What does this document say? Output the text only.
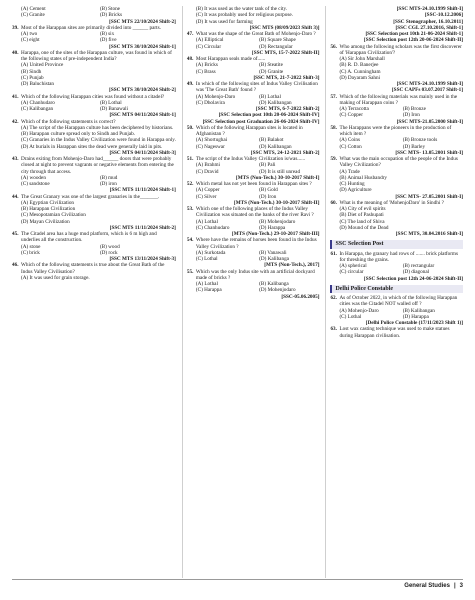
(A) Cement	(B) Stone
(C) Granite	(D) Bricks
[SSC MTS 22/10/2024 Shift-2]
39. Most of the Harappan sites are primarily divided into ______ parts.
(A) two	(B) six
(C) eight	(D) five
[SSC MTS 30/10/2024 Shift-1]
40. Harappa, one of the sites of the Harappan culture, was found in which of the following states of pre-independent India?
(A) United Province
(B) Sindh
(C) Punjab
(D) Baluchistan
[SSC MTS 30/10/2024 Shift-2]
41. Which of the following Harappan cities was found without a citadel?
(A) Chanhudaro	(B) Lothal
(C) Kalibangan	(D) Banawali
[SSC MTS 04/11/2024 Shift-1]
42. Which of the following statements is correct?
(A) The script of the Harappan culture has been deciphered by historians.
(B) Harappan culture spread only to Sindh and Punjab.
(C) Granaries in the Indus Valley Civilization were found in Harappa only.
(D) At burials in Harappan sites the dead were generally laid in pits.
[SSC MTS 04/11/2024 Shift-3]
43. Drains exiting from Mohenjo-Daro had______ doors that were probably closed at night to prevent vagrants or negative elements from entering the city through that access.
(A) wooden	(B) mud
(C) sandstone	(D) iron
[SSC MTS 11/11/2024 Shift-1]
44. The Great Granary was one of the largest granaries in the_______.
(A) Egyptian Civilization
(B) Harappan Civilization
(C) Mesopotamian Civilization
(D) Mayan Civilization
[SSC MTS 11/11/2024 Shift-2]
45. The Citadel area has a huge mud platform, which is 6 m high and underlies all the construction.
(A) stone	(B) wood
(C) brick	(D) rock
[SSC MTS 13/11/2024 Shift-3]
46. Which of the following statements is true about the Great Bath of the Indus Valley Civilisation?
(A) It was used for grain storage.
(B) It was used as the water tank of the city.
(C) It was probably used for religious purpose.
(D) It was used for farming
[SSC MTS (08/09/2023 Shift 3)]
47. What was the shape of the Great Bath of Mohenjo-Daro ?
(A) Elliptical	(B) Square Shape
(C) Circular	(D) Rectangular
[SSC MTS, 15-7-2022 Shift-II]
48. Most Harappan seals made of......
(A) Bricks	(B) Steatite
(C) Brass	(D) Granite
[SSC MTS, 21-7-2022 Shift-3]
49. In which of the following sites of Indus Valley Civilisation was 'The Great Bath' found ?
(A) Mohenjo-Daro	(B) Lothal
(C) Dholavira	(D) Kalibangan
[SSC MTS, 6-7-2022 Shift-2]
[SSC Selection post 10th 20-06-2024 Shift-IV]
[SSC Selection post Graduation 26-06-2024 Shift-IV]
50. Which of the following Harappan sites is located in Afghanistan ?
(A) Shortughai	(B) Balakot
(C) Nageswar	(D) Kalibangan
[SSC MTS, 24-12-2021 Shift-2]
51. The script of the Indus Valley Civilization is/was......
(A) Brahmi	(B) Pali
(C) Dravid	(D) It is still unread
[MTS (Non-Tech.) 30-10-2017 Shift-I]
52. Which metal has not yet been found in Harappan sites ?
(A) Copper	(B) Gold
(C) Silver	(D) Iron
[MTS (Non-Tech.) 30-10-2017 Shift-II]
53. Which one of the following places of the Indus Valley Civilization was situated on the banks of the river Ravi ?
(A) Lothal	(B) Mohenjodaro
(C) Chanhudaro	(D) Harappa
[MTS (Non-Tech.) 29-10-2017 Shift-III]
54. Where have the remains of horses been found in the Indus Valley Civilization ?
(A) Surkotada	(B) Vanawali
(C) Lothal	(D) Kalibanga
[MTS (Non-Tech.), 2017]
55. Which was the only Indus site with an artificial dockyard made of bricks ?
(A) Lothal	(B) Kalibanga
(C) Harappa	(D) Mohenjodaro
[SSC-05.06.2005]
[SSC MTS-24.10.1999 Shift-I]
[SSC-10.12.2006]
[SSC Stenographer, 16.10.2011]
[SSC CGL 27.10.2016, Shift-1]
[SSC Selection post 10th 21-06-2024 Shift-1]
[SSC Selection post 12th 20-06-2024 Shift-II]
56. Who among the following scholars was the first discoverer of 'Harappan Civilization'?
(A) Sir John Marshall
(B) R. D. Banerjee
(C) A. Cunningham
(D) Dayaram Sahni
[SSC MTS-24.10.1999 Shift-I]
[SSC CAPFs 03.07.2017 Shift-1]
57. Which of the following materials was mainly used in the making of Harappan coins ?
(A) Terracotta	(B) Bronze
(C) Copper	(D) Iron
[SSC MTS-21.05.2000 Shift-I]
58. The Harappans were the pioneers in the production of which item ?
(A) Coins	(B) Bronze tools
(C) Cotton	(D) Barley
[SSC MTS- 13.05.2001 Shift-I]
59. What was the main occupation of the people of the Indus Valley Civilization?
(A) Trade
(B) Animal Husbandry
(C) Hunting
(D) Agriculture
[SSC MTS- 27.05.2001 Shift-I]
60. What is the meaning of 'MohenjoDaro' in Sindhi ?
(A) City of evil spirits
(B) Diet of Pashupati
(C) The land of Shiva
(D) Mound of the Dead
[SSC MTS, 30.04.2016 Shift-I]
SSC Selection Post
61. In Harappa, the granary had rows of ....... brick platforms for threshing the grains.
(A) spherical	(B) rectangular
(C) circular	(D) diagonal
[SSC Selection post 12th 24-06-2024 Shift-II]
Delhi Police Constable
62. As of October 2022, in which of the following Harappan cities was the Citadel NOT walled off ?
(A) Mohenjo-Daro	(B) Kalibangan
(C) Lothal	(D) Harappa
[Delhi Police Constable (17/11/2023 Shift 1)]
63. Lost wax casting technique was used to make statues during Harappan civilisation.
General Studies | 3
